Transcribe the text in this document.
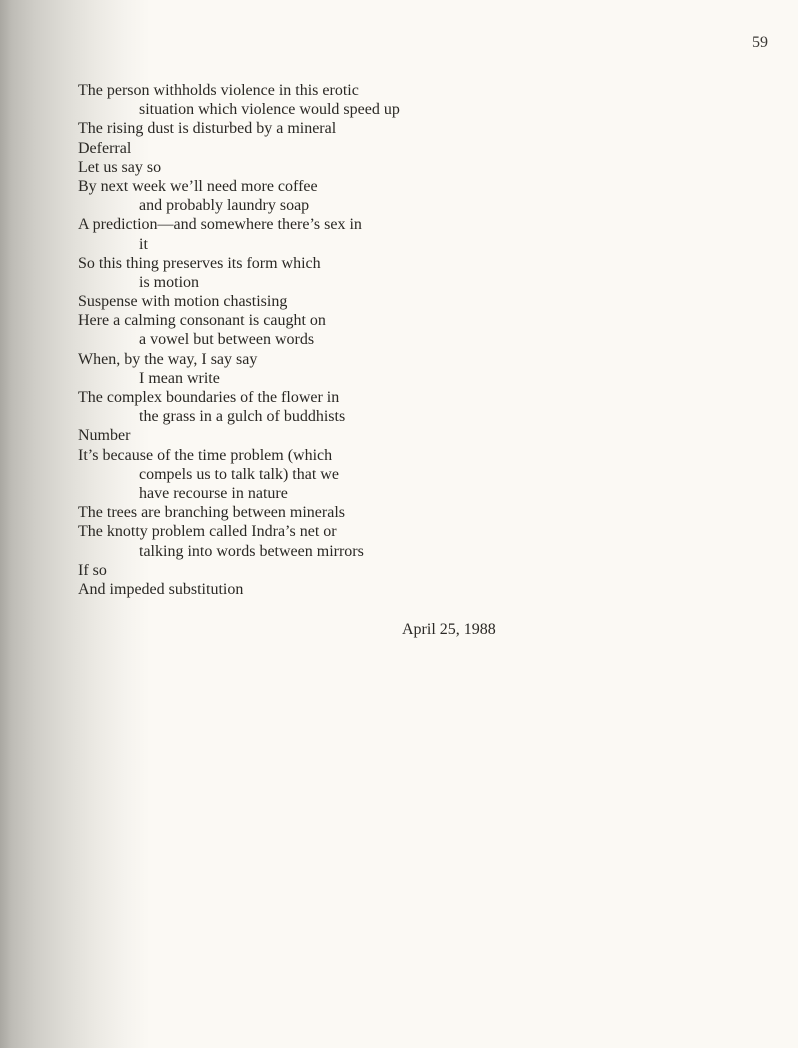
59
The person withholds violence in this erotic
situation which violence would speed up
The rising dust is disturbed by a mineral
Deferral
Let us say so
By next week we’ll need more coffee
and probably laundry soap
A prediction—and somewhere there’s sex in
it
So this thing preserves its form which
is motion
Suspense with motion chastising
Here a calming consonant is caught on
a vowel but between words
When, by the way, I say say
I mean write
The complex boundaries of the flower in
the grass in a gulch of buddhists
Number
It’s because of the time problem (which
compels us to talk talk) that we
have recourse in nature
The trees are branching between minerals
The knotty problem called Indra’s net or
talking into words between mirrors
If so
And impeded substitution
April 25, 1988
